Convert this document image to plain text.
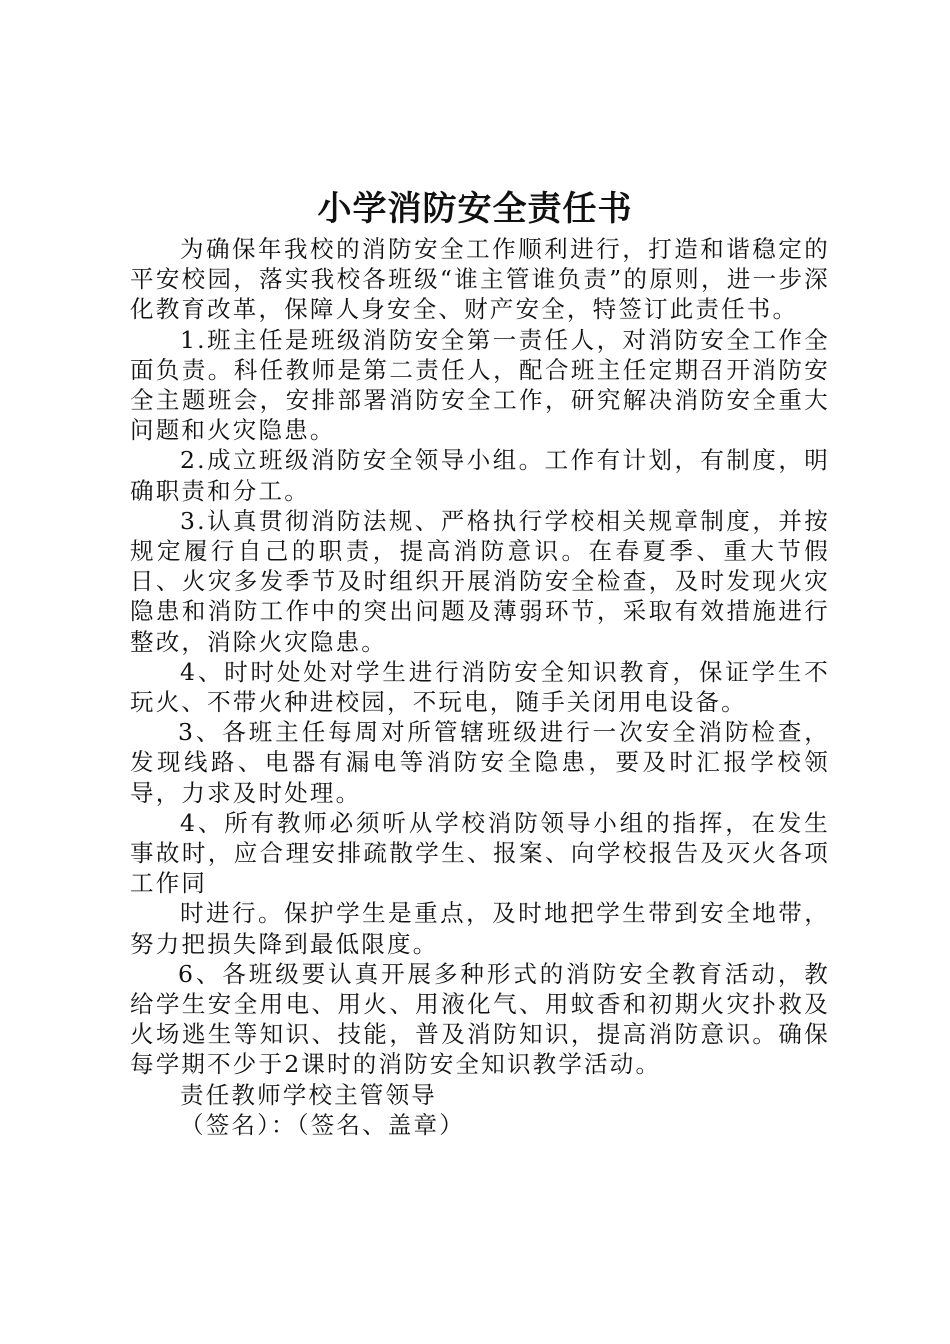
小学消防安全责任书

为确保年我校的消防安全工作顺利进行，打造和谐稳定的平安校园，落实我校各班级“谁主管谁负责”的原则，进一步深化教育改革，保障人身安全、财产安全，特签订此责任书。

1.班主任是班级消防安全第一责任人，对消防安全工作全面负责。科任教师是第二责任人，配合班主任定期召开消防安全主题班会，安排部署消防安全工作，研究解决消防安全重大问题和火灾隐患。

2.成立班级消防安全领导小组。工作有计划，有制度，明确职责和分工。

3.认真贯彻消防法规、严格执行学校相关规章制度，并按规定履行自己的职责，提高消防意识。在春夏季、重大节假日、火灾多发季节及时组织开展消防安全检查，及时发现火灾隐患和消防工作中的突出问题及薄弱环节，采取有效措施进行整改，消除火灾隐患。

4、时时处处对学生进行消防安全知识教育，保证学生不玩火、不带火种进校园，不玩电，随手关闭用电设备。

3、各班主任每周对所管辖班级进行一次安全消防检查，发现线路、电器有漏电等消防安全隐患，要及时汇报学校领导，力求及时处理。

4、所有教师必须听从学校消防领导小组的指挥，在发生事故时，应合理安排疏散学生、报案、向学校报告及灭火各项工作同

时进行。保护学生是重点，及时地把学生带到安全地带，努力把损失降到最低限度。

6、各班级要认真开展多种形式的消防安全教育活动，教给学生安全用电、用火、用液化气、用蚊香和初期火灾扑救及火场逃生等知识、技能，普及消防知识，提高消防意识。确保每学期不少于2课时的消防安全知识教学活动。

责任教师学校主管领导

（签名）：（签名、盖章）
